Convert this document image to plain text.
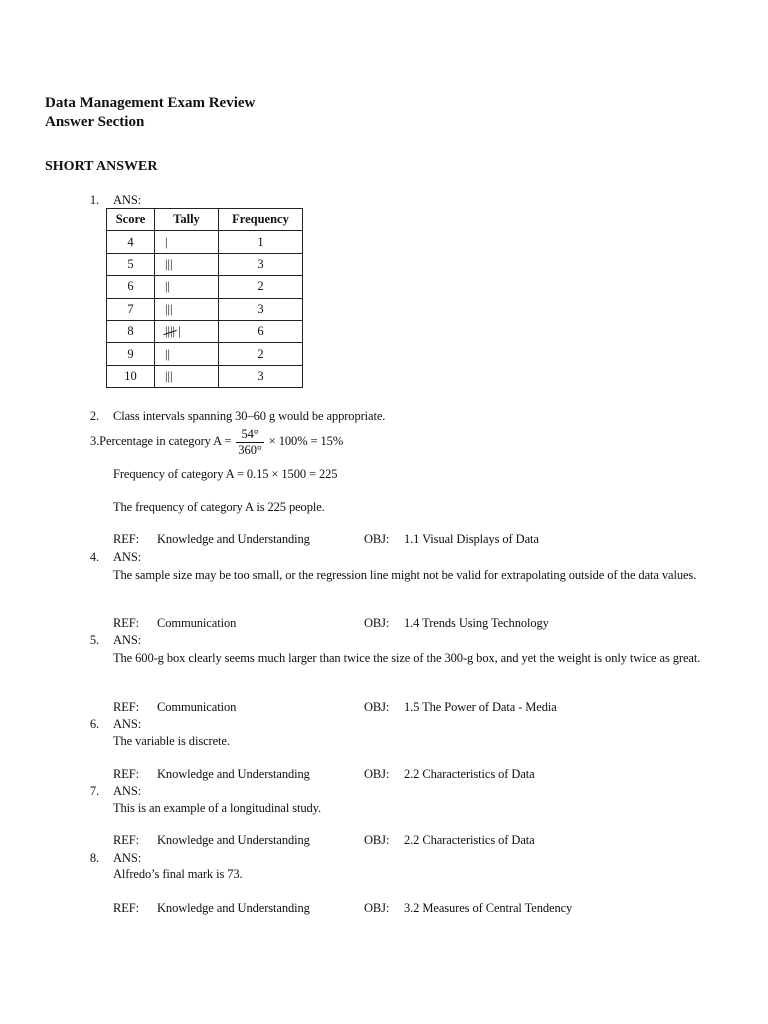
Data Management Exam Review
Answer Section
SHORT ANSWER
1. ANS:
Score	Tally	Frequency
4	|	1
5	|||	3
6	||	2
7	|||	3
8	|||| |	6
9	||	2
10	|||	3
2. Class intervals spanning 30–60 g would be appropriate.
3.Percentage in category $A = \frac{54^\circ}{360^\circ} \times 100\% = 15\%$
Frequency of category A = 0.15 × 1500 = 225
The frequency of category A is 225 people.
REF: Knowledge and Understanding	OBJ: 1.1 Visual Displays of Data
4. ANS:
The sample size may be too small, or the regression line might not be valid for extrapolating outside of the data values.
REF: Communication	OBJ: 1.4 Trends Using Technology
5. ANS:
The 600-g box clearly seems much larger than twice the size of the 300-g box, and yet the weight is only twice as great.
REF: Communication	OBJ: 1.5 The Power of Data - Media
6. ANS:
The variable is discrete.
REF: Knowledge and Understanding	OBJ: 2.2 Characteristics of Data
7. ANS:
This is an example of a longitudinal study.
REF: Knowledge and Understanding	OBJ: 2.2 Characteristics of Data
8. ANS:
Alfredo’s final mark is 73.
REF: Knowledge and Understanding	OBJ: 3.2 Measures of Central Tendency
